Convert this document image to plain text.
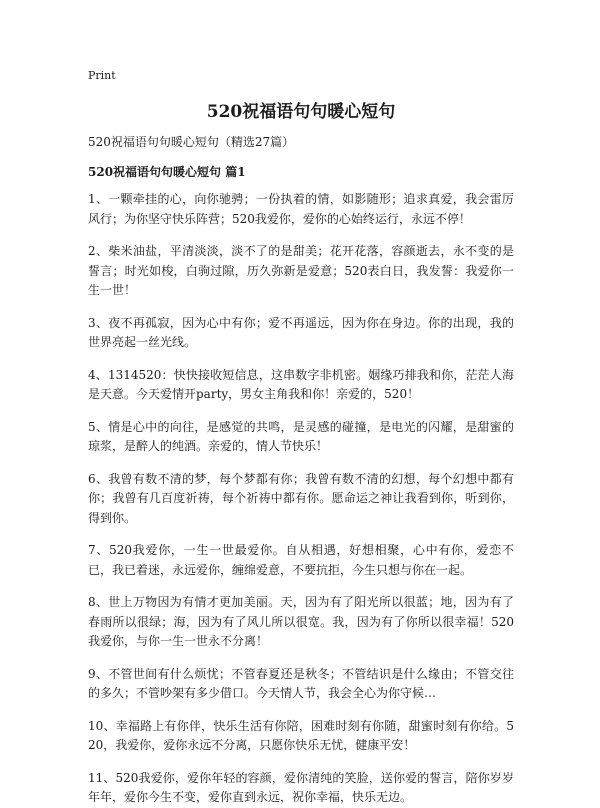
Print
520祝福语句句暖心短句
520祝福语句句暖心短句（精选27篇）
520祝福语句句暖心短句 篇1

1、一颗牵挂的心，向你驰骋；一份执着的情，如影随形；追求真爱，我会雷厉风行；为你坚守快乐阵营；520我爱你，爱你的心始终运行，永远不停！

2、柴米油盐，平清淡淡，淡不了的是甜美；花开花落，容颜逝去，永不变的是誓言；时光如梭，白驹过隙，历久弥新是爱意；520表白日，我发誓：我爱你一生一世！

3、夜不再孤寂，因为心中有你；爱不再遥远，因为你在身边。你的出现，我的世界亮起一丝光线。

4、1314520：快快接收短信息，这串数字非机密。姻缘巧排我和你，茫茫人海是天意。今天爱情开party，男女主角我和你！亲爱的，520！

5、情是心中的向往，是感觉的共鸣，是灵感的碰撞，是电光的闪耀，是甜蜜的琼浆，是醉人的纯酒。亲爱的，情人节快乐！

6、我曾有数不清的梦，每个梦都有你；我曾有数不清的幻想，每个幻想中都有你；我曾有几百度祈祷，每个祈祷中都有你。愿命运之神让我看到你，听到你，得到你。

7、520我爱你，一生一世最爱你。自从相遇，好想相聚，心中有你，爱恋不已，我已着迷，永远爱你，缠绵爱意，不要抗拒，今生只想与你在一起。

8、世上万物因为有情才更加美丽。天，因为有了阳光所以很蓝；地，因为有了春雨所以很绿；海，因为有了风儿所以很宽。我，因为有了你所以很幸福！520我爱你，与你一生一世永不分离！

9、不管世间有什么烦忧；不管春夏还是秋冬；不管结识是什么缘由；不管交往的多久；不管吵架有多少借口。今天情人节，我会全心为你守候…

10、幸福路上有你伴，快乐生活有你陪，困难时刻有你随，甜蜜时刻有你给。520，我爱你，爱你永远不分离，只愿你快乐无忧，健康平安！

11、520我爱你，爱你年轻的容颜，爱你清纯的笑脸，送你爱的誓言，陪你岁岁年年，爱你今生不变，爱你直到永远，祝你幸福，快乐无边。
